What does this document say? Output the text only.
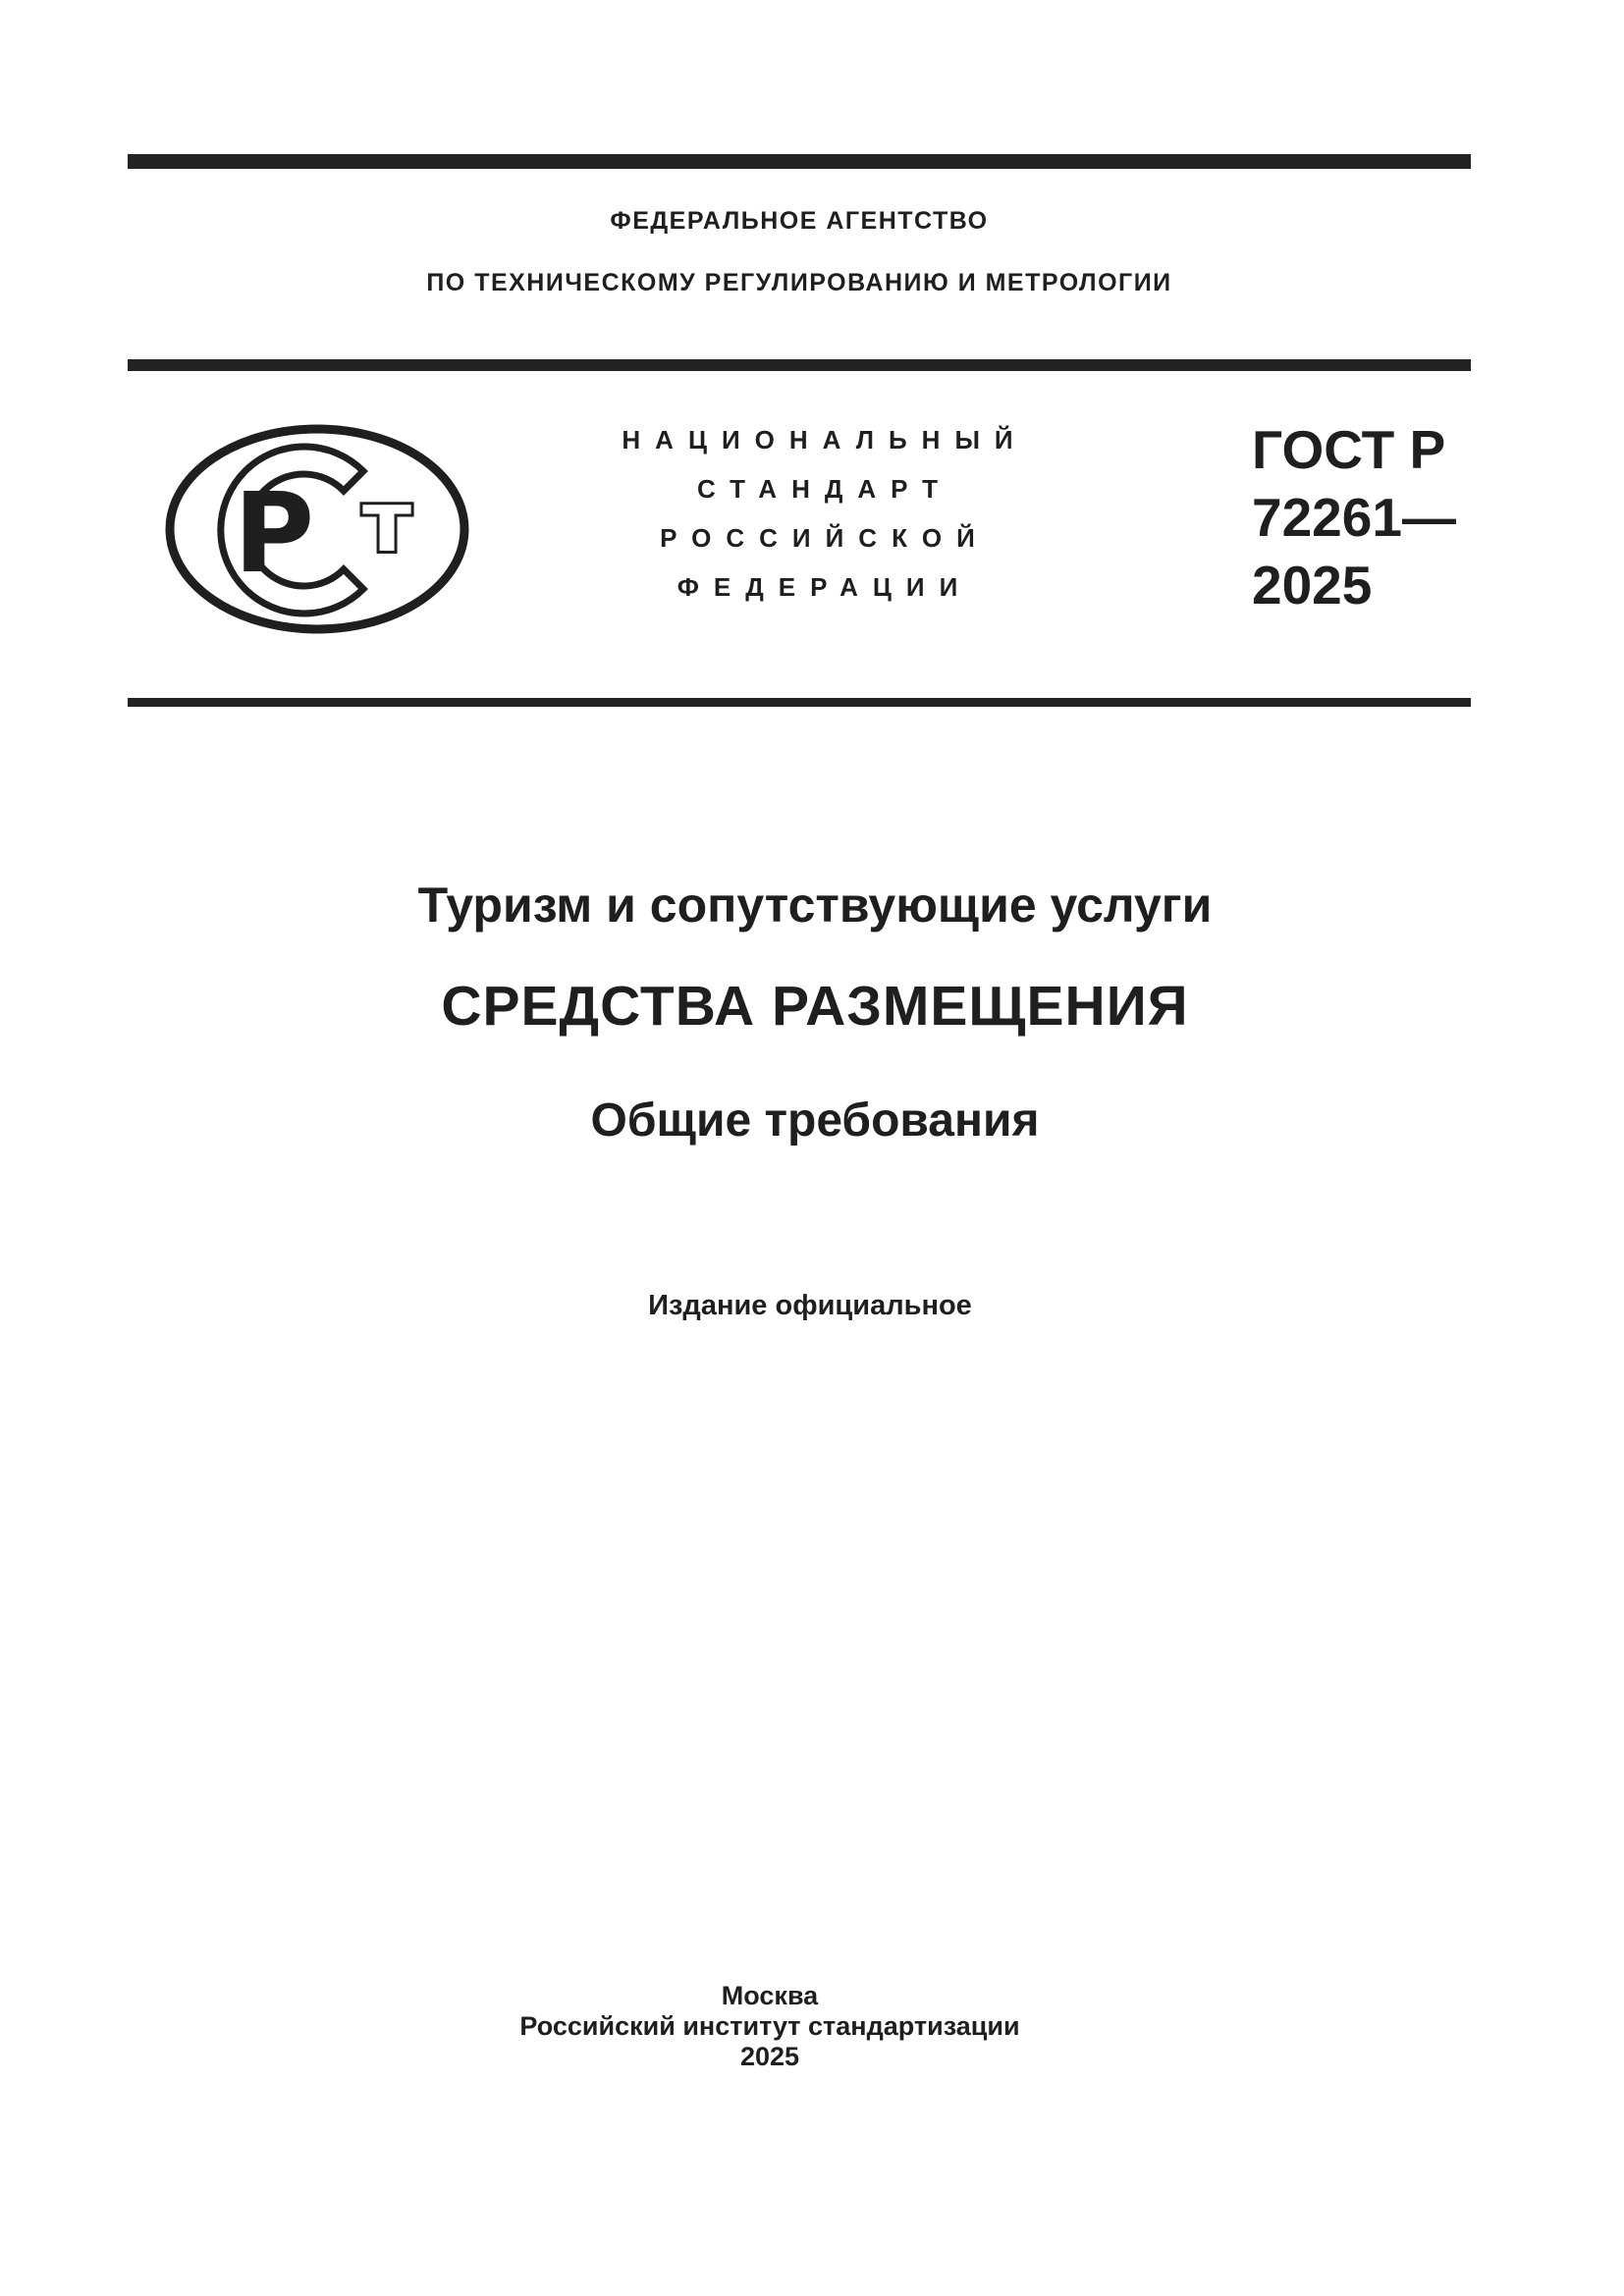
ФЕДЕРАЛЬНОЕ АГЕНТСТВО
ПО ТЕХНИЧЕСКОМУ РЕГУЛИРОВАНИЮ И МЕТРОЛОГИИ
Р т
НАЦИОНАЛЬНЫЙ
СТАНДАРТ
РОССИЙСКОЙ
ФЕДЕРАЦИИ
ГОСТ Р
72261—
2025
Туризм и сопутствующие услуги
СРЕДСТВА РАЗМЕЩЕНИЯ
Общие требования
Издание официальное
Москва
Российский институт стандартизации
2025
